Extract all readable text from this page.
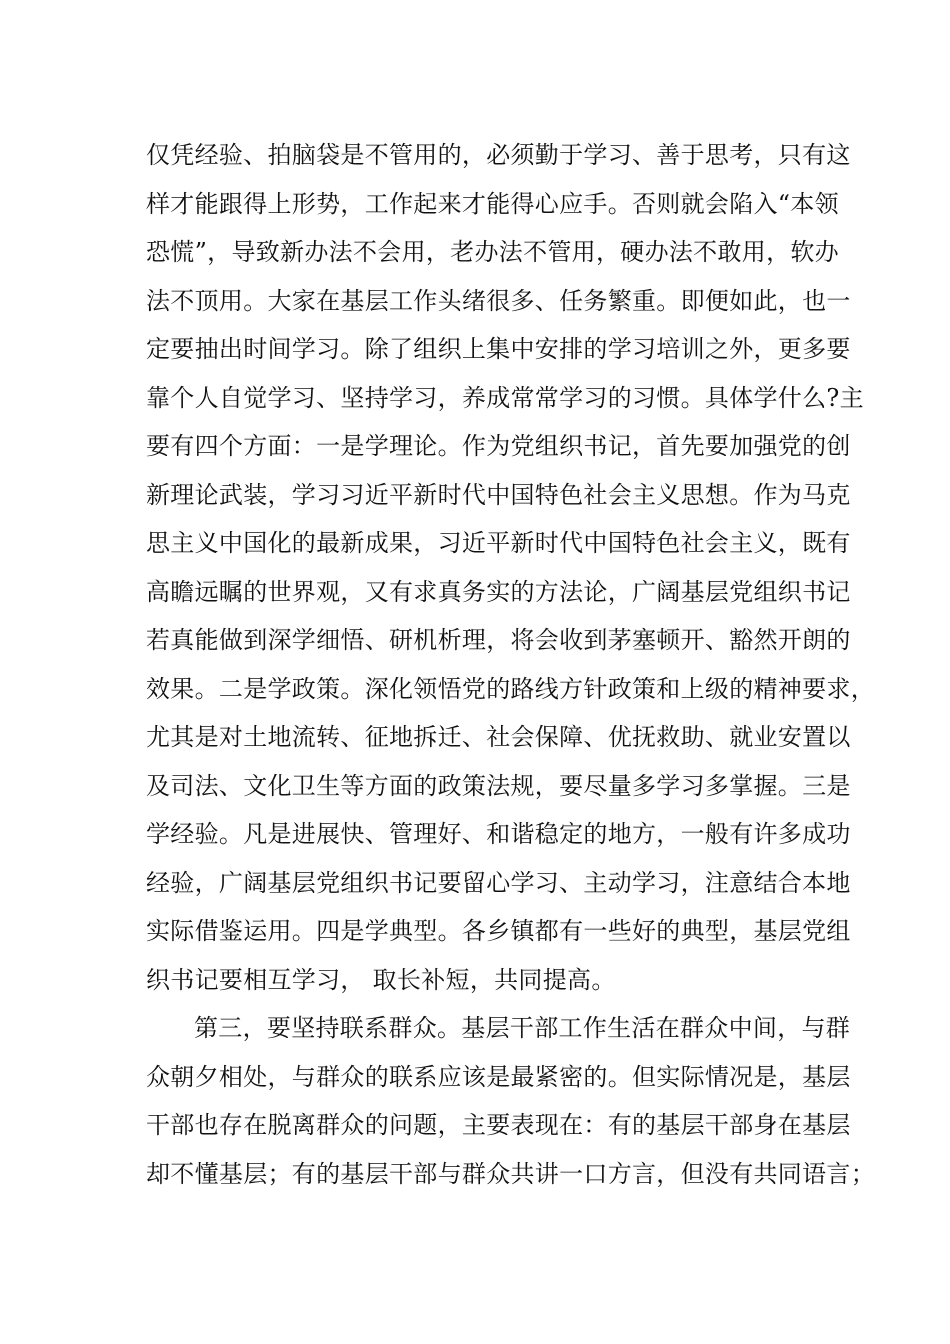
仅凭经验、拍脑袋是不管用的，必须勤于学习、善于思考，只有这
样才能跟得上形势，工作起来才能得心应手。否则就会陷入“本领
恐慌”，导致新办法不会用，老办法不管用，硬办法不敢用，软办
法不顶用。大家在基层工作头绪很多、任务繁重。即便如此，也一
定要抽出时间学习。除了组织上集中安排的学习培训之外，更多要
靠个人自觉学习、坚持学习，养成常常学习的习惯。具体学什么?主
要有四个方面：一是学理论。作为党组织书记，首先要加强党的创
新理论武装，学习习近平新时代中国特色社会主义思想。作为马克
思主义中国化的最新成果，习近平新时代中国特色社会主义，既有
高瞻远瞩的世界观，又有求真务实的方法论，广阔基层党组织书记
若真能做到深学细悟、研机析理，将会收到茅塞顿开、豁然开朗的
效果。二是学政策。深化领悟党的路线方针政策和上级的精神要求，
尤其是对土地流转、征地拆迁、社会保障、优抚救助、就业安置以
及司法、文化卫生等方面的政策法规，要尽量多学习多掌握。三是
学经验。凡是进展快、管理好、和谐稳定的地方，一般有许多成功
经验，广阔基层党组织书记要留心学习、主动学习，注意结合本地
实际借鉴运用。四是学典型。各乡镇都有一些好的典型，基层党组
织书记要相互学习， 取长补短，共同提高。
第三，要坚持联系群众。基层干部工作生活在群众中间，与群
众朝夕相处，与群众的联系应该是最紧密的。但实际情况是，基层
干部也存在脱离群众的问题，主要表现在：有的基层干部身在基层
却不懂基层；有的基层干部与群众共讲一口方言，但没有共同语言；
